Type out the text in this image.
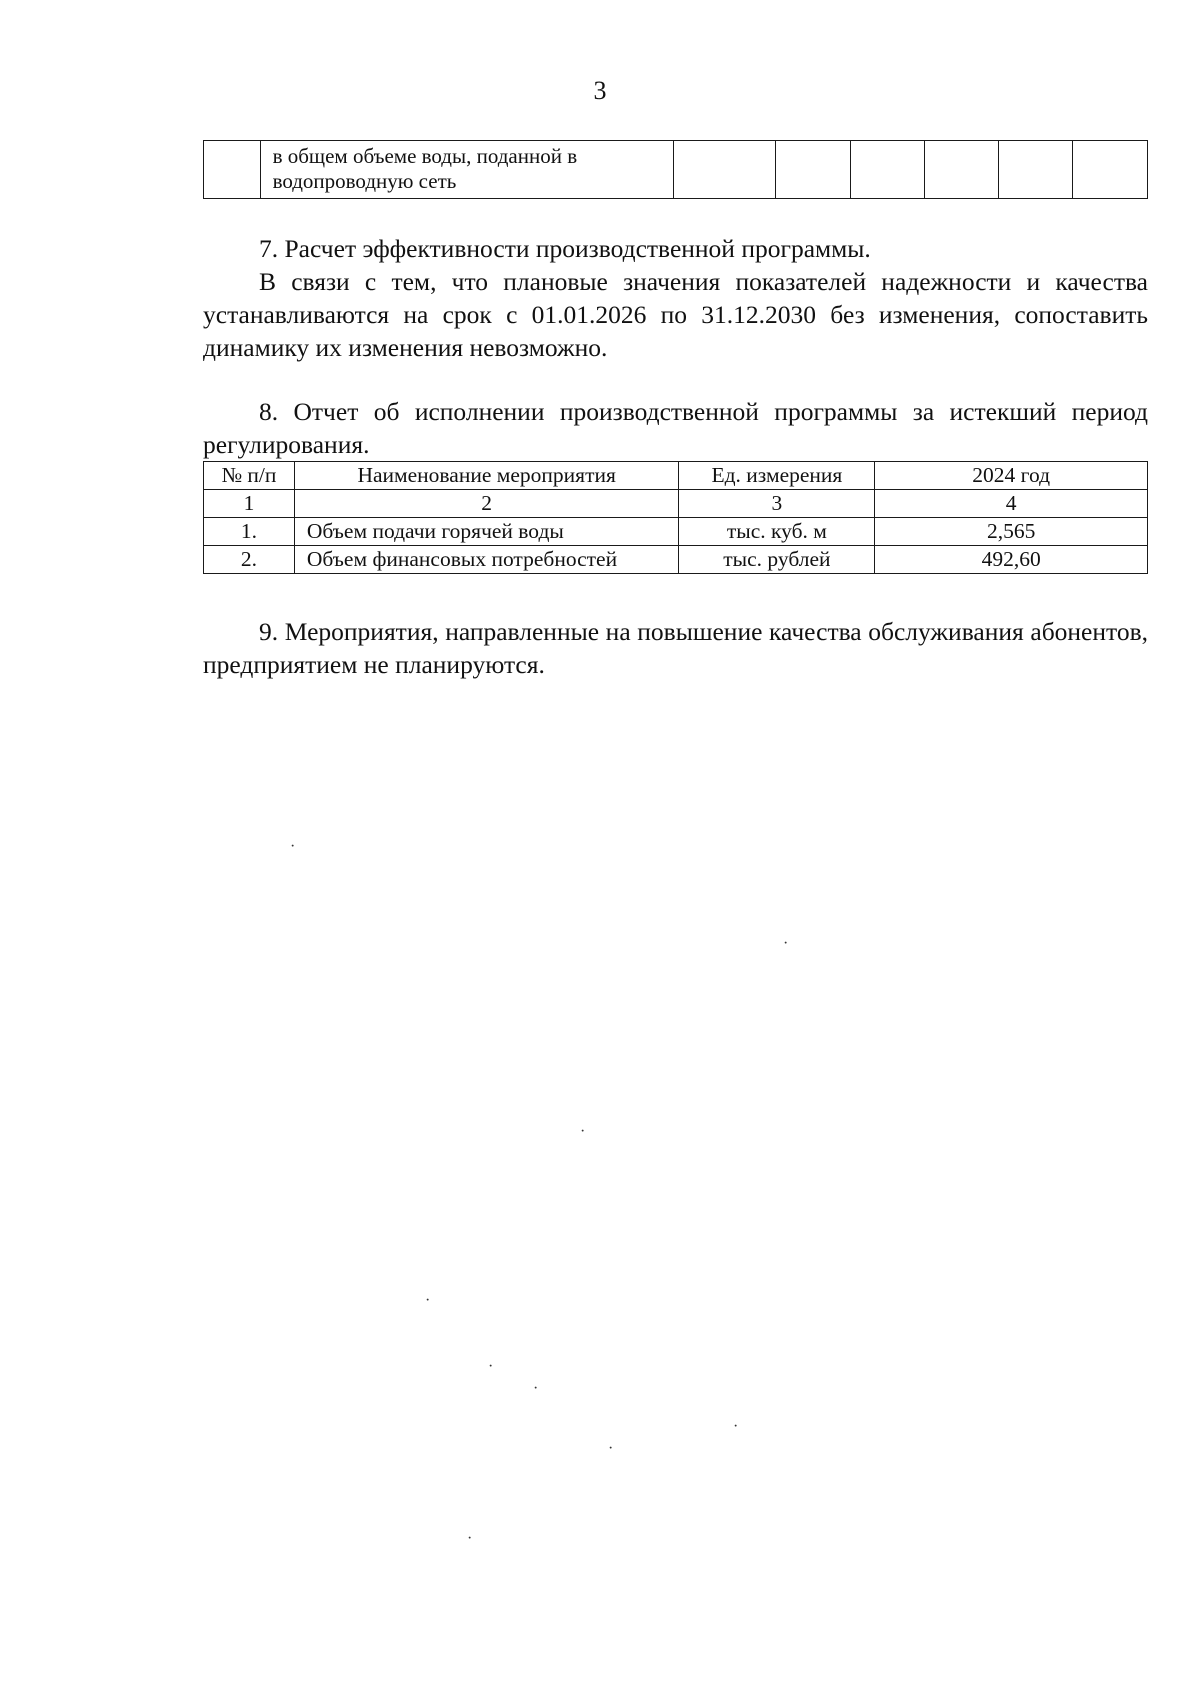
3
	в общем объеме воды, поданной в
водопроводную сеть						

7. Расчет эффективности производственной программы.

В связи с тем, что плановые значения показателей надежности и качества устанавливаются на срок с 01.01.2026 по 31.12.2030 без изменения, сопоставить динамику их изменения невозможно.

8. Отчет об исполнении производственной программы за истекший период регулирования.

№ п/п	Наименование мероприятия	Ед. измерения	2024 год
1	2	3	4
1.	Объем подачи горячей воды	тыс. куб. м	2,565
2.	Объем финансовых потребностей	тыс. рублей	492,60

9. Мероприятия, направленные на повышение качества обслуживания абонентов, предприятием не планируются.

·
·
·
·
·
·
·
·
·
